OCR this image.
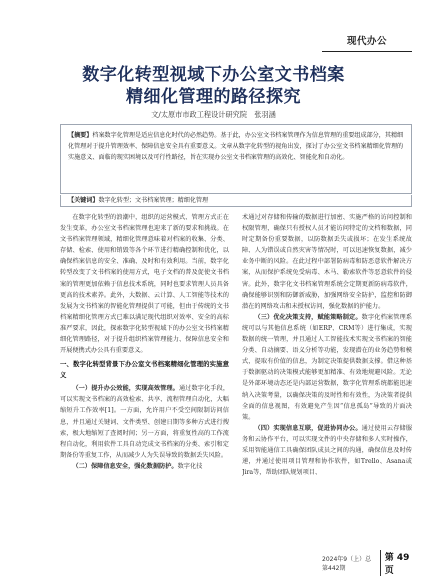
现代办公
数字化转型视域下办公室文书档案
精细化管理的路径探究
文/太原市市政工程设计研究院　张羽涵
【摘要】档案数字化管理是适应信息化时代的必然趋势。基于此，办公室文书档案管理作为信息管理的重要组成部分，其精细化管理对于提升管理效率、保障信息安全具有重要意义。文章从数字化转型的视角出发，探讨了办公室文书档案精细化管理的实施意义、面临的现实困境以及可行性路径，旨在实现办公室文书档案管理的高效化、智能化和自动化。
【关键词】数字化转型；文书档案管理；精细化管理

在数字化转型的浪潮中，组织的运营模式、管理方式正在发生变革，办公室文书档案管理也迎来了新的要求和挑战。在文书档案管理领域，精细化管理意味着对档案的收集、分类、存储、检索、使用和销毁等各个环节进行精确控制和优化，以确保档案信息的安全、准确、及时和有效利用。当前，数字化转型改变了文书档案的使用方式，电子文档的普及促使文书档案的管理更加依赖于信息技术系统，同时也要求管理人员具备更高的技术素养。此外，大数据、云计算、人工智能等技术的发展为文书档案的智能化管理提供了可能，但由于传统的文书档案精细化管理方式已难以满足现代组织对效率、安全的高标准严要求，因此，探索数字化转型视域下的办公室文书档案精细化管理路径，对于提升组织档案管理能力、保障信息安全和开展便携式办公具有重要意义。

一、数字化转型背景下办公室文书档案精细化管理的实施意义

（一）提升办公效能，实现高效管理。通过数字化手段，可以实现文书档案的高效检索、共享、流程管理自动化，大幅缩短升工作效率[1]。一方面，允许用户不受空间限制访问信息，并且通过关键词、文件类型、创建日期等多种方式进行搜索，极大地缩短了查阅时间；另一方面，将重复性高的工作流程自动化，利用软件工具自动完成文书档案的分类、索引和定期备份等重复工作，从而减少人为失误导致的数据丢失风险。

（二）保障信息安全，强化数据防护。数字化技

术通过对存储和传输的数据进行加密、实施严格的访问控制和权限管理，确保只有授权人员才能访问特定的文档和数据，同时定期备份重要数据，以防数据丢失或损坏；在发生系统故障、人为错误或自然灾害等情况时，可以迅速恢复数据，减少业务中断的风险。在此过程中部署防病毒和防恶意软件解决方案，从而保护系统免受病毒、木马、勒索软件等恶意软件的侵害。此外，数字化文书档案管理系统会定期更新防病毒软件，确保能够识别和防御新威胁，加强网络安全防护，监控和防御潜在的网络攻击和未授权访问，强化数据的护能力。

（三）优化决策支持，赋能策略制定。数字化档案管理系统可以与其他信息系统（如ERP、CRM等）进行集成，实现数据的统一管理，并且通过人工智能技术实现文书档案的智能分类、自动摘要、语义分析等功能，发现潜在的业务趋势和模式，提取有价值的信息，为制定决策提供数据支撑。借这种基于数据驱动的决策模式能够更加精准、有效地规避风险。无论是外部环境动态还是内部运营数据，数字化管理系统都能迅速纳入决策考量，以确保决策的及时性和有效性，为决策者提供全面的信息视图，有效避免产生因“信息孤岛”导致的片面决策。

（四）实现信息互联，促进协同办公。通过使用云存储服务和云协作平台，可以实现文件的中央存储和多人实时操作，采用智能通信工具确保团队成员之间的沟通，确保信息及时传递，并通过使用项目管理和协作软件，如Trello、Asana或Jira等，帮助团队规划项目、

2024年9（上）总第442期
第 49 页
